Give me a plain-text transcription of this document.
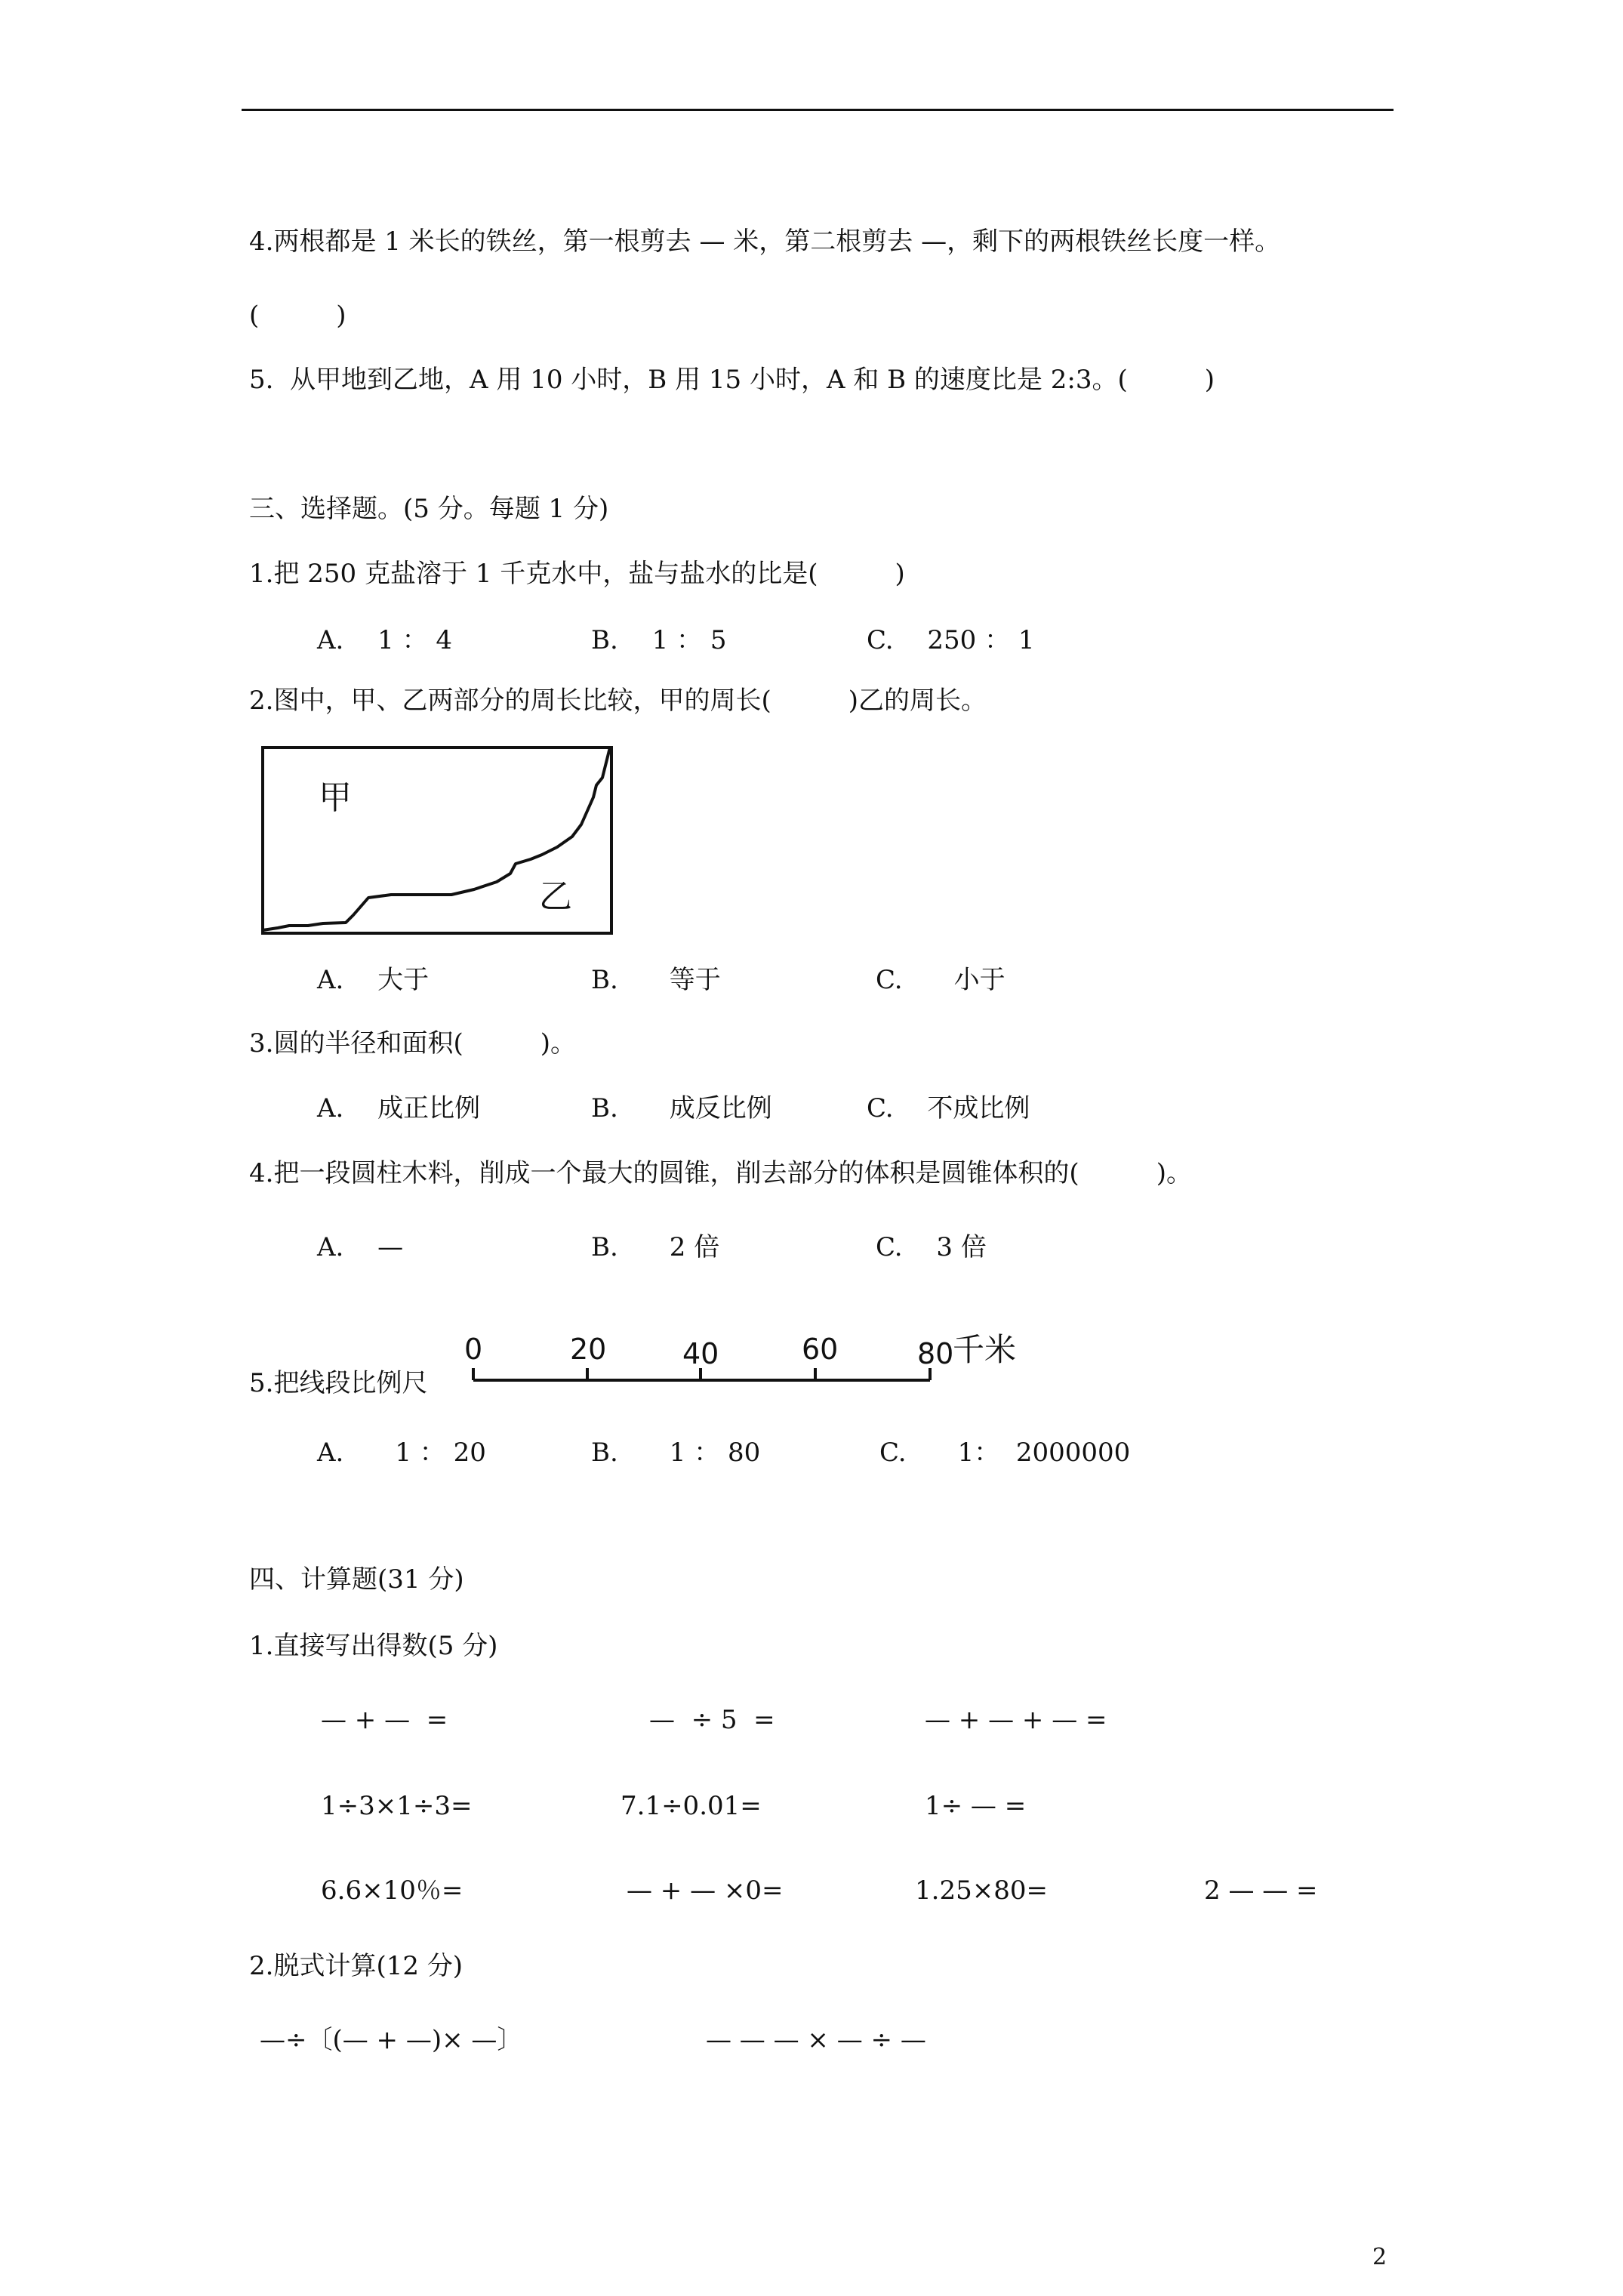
4.两根都是 1 米长的铁丝，第一根剪去 — 米，第二根剪去 —，剩下的两根铁丝长度一样。
(　　　)
5.  从甲地到乙地，A 用 10 小时，B 用 15 小时，A 和 B 的速度比是 2:3。(　　　)
三、选择题。(5 分。每题 1 分)
1.把 250 克盐溶于 1 千克水中，盐与盐水的比是(　　　)
A.　 1 ： 4	B.　 1 ： 5	C.　 250 ： 1
2.图中，甲、乙两部分的周长比较，甲的周长(　　　)乙的周长。
甲
乙
A.　 大于	B.　　等于	C.　　小于
3.圆的半径和面积(　　　)。
A.　 成正比例	B.　　成反比例	C.　 不成比例
4.把一段圆柱木料，削成一个最大的圆锥，削去部分的体积是圆锥体积的(　　　)。
A.　 —	B.　　2 倍	C.　 3 倍
5.把线段比例尺
0	20	40	60	80
千米
A.　　1 ： 20	B.　　1 ： 80	C.　　1：  2000000
四、计算题(31 分)
1.直接写出得数(5 分)
— + —  =	—  ÷ 5  =	— + — + — =
1÷3×1÷3=	7.1÷0.01=	1÷ — =
6.6×10％=	— + — ×0=	1.25×80=	2 — — =
2.脱式计算(12 分)
—÷〔(— + —)× —〕	— — — × — ÷ —
2
